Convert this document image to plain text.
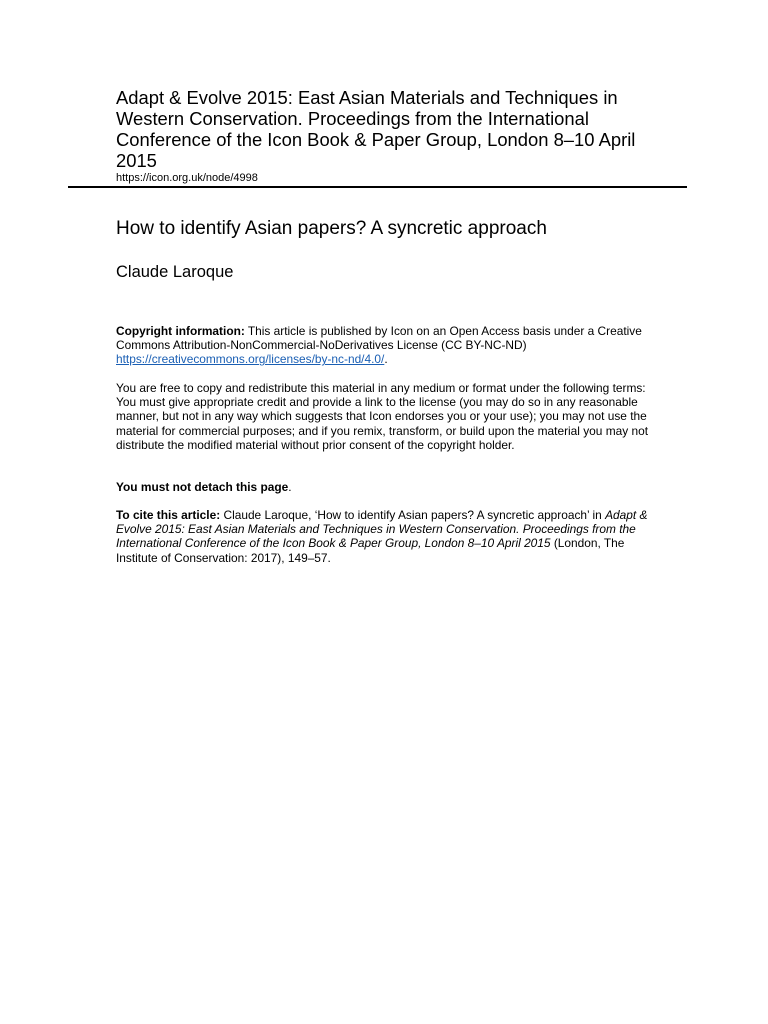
Adapt & Evolve 2015: East Asian Materials and Techniques in Western Conservation. Proceedings from the International Conference of the Icon Book & Paper Group, London 8–10 April 2015
https://icon.org.uk/node/4998
How to identify Asian papers? A syncretic approach
Claude Laroque

Copyright information: This article is published by Icon on an Open Access basis under a Creative Commons Attribution-NonCommercial-NoDerivatives License (CC BY-NC-ND) https://creativecommons.org/licenses/by-nc-nd/4.0/.

You are free to copy and redistribute this material in any medium or format under the following terms: You must give appropriate credit and provide a link to the license (you may do so in any reasonable manner, but not in any way which suggests that Icon endorses you or your use); you may not use the material for commercial purposes; and if you remix, transform, or build upon the material you may not distribute the modified material without prior consent of the copyright holder.

You must not detach this page.

To cite this article: Claude Laroque, ‘How to identify Asian papers? A syncretic approach’ in Adapt & Evolve 2015: East Asian Materials and Techniques in Western Conservation. Proceedings from the International Conference of the Icon Book & Paper Group, London 8–10 April 2015 (London, The Institute of Conservation: 2017), 149–57.
